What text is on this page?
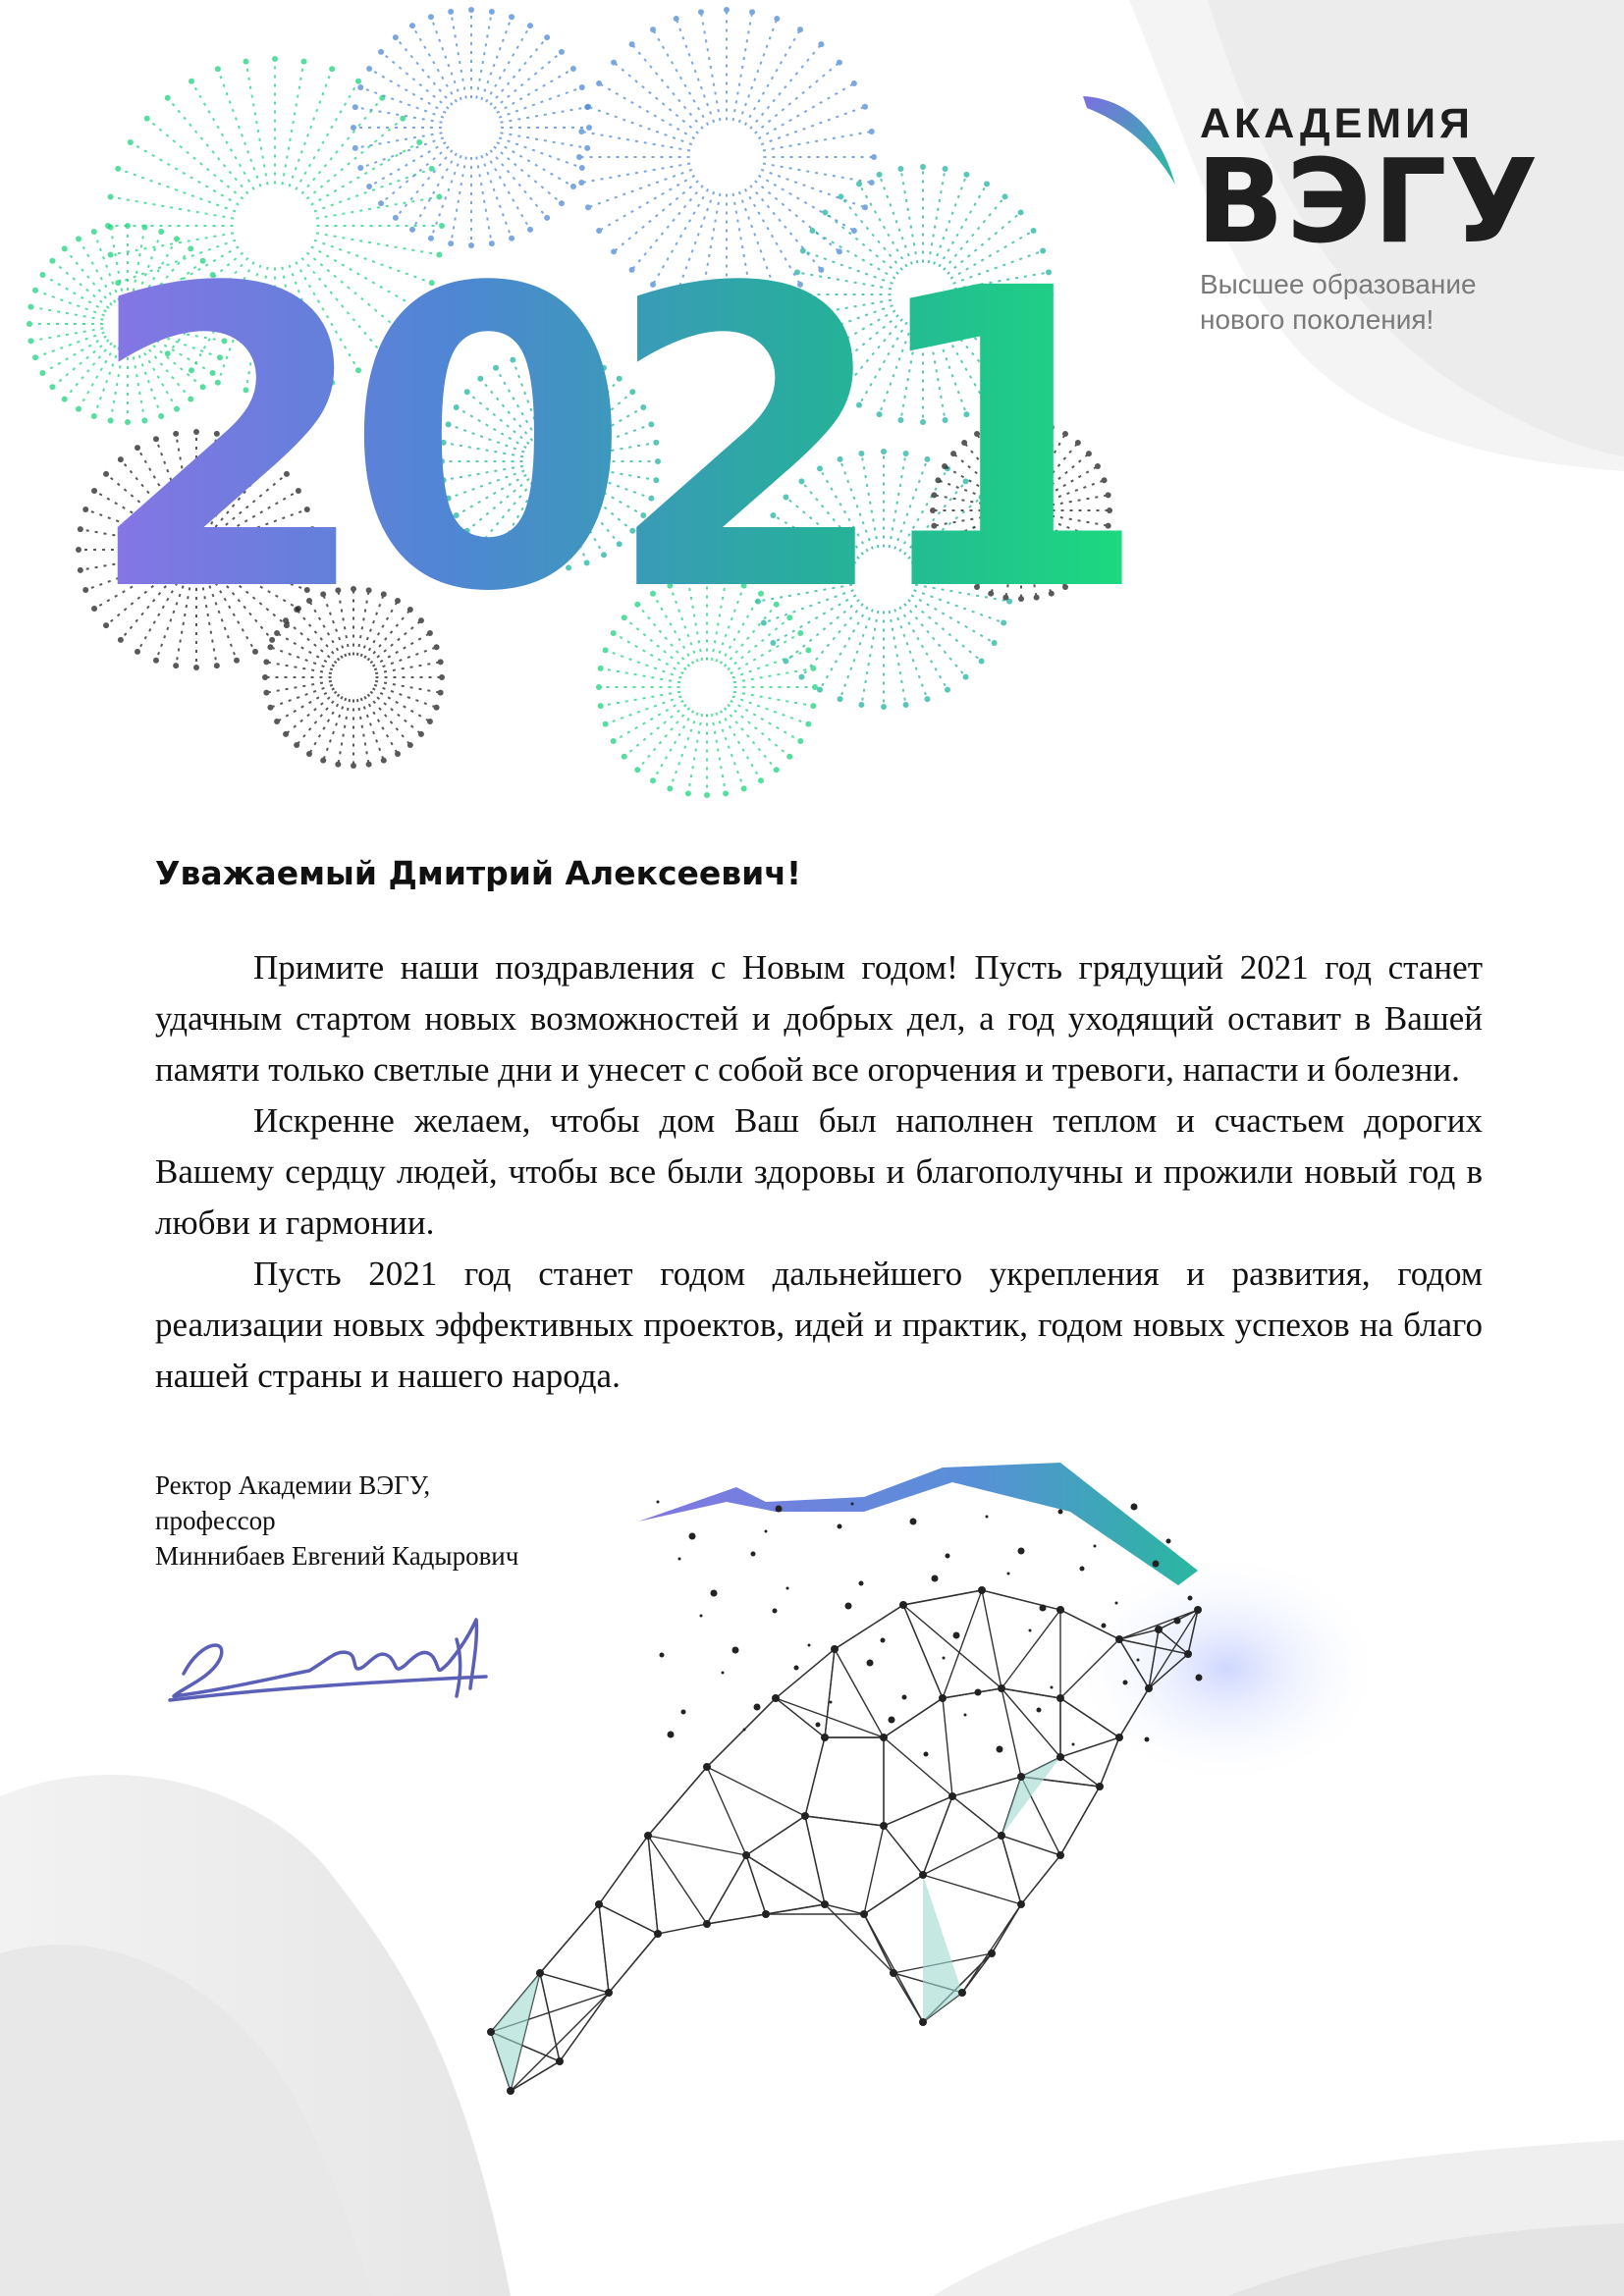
2021
АКАДЕМИЯ
ВЭГУ
Высшее образование
нового поколения!
Уважаемый Дмитрий Алексеевич!

Примите наши поздравления с Новым годом! Пусть грядущий 2021 год станет удачным стартом новых возможностей и добрых дел, а год уходящий оставит в Вашей памяти только светлые дни и унесет с собой все огорчения и тревоги, напасти и болезни.

Искренне желаем, чтобы дом Ваш был наполнен теплом и счастьем дорогих Вашему сердцу людей, чтобы все были здоровы и благополучны и прожили новый год в любви и гармонии.

Пусть 2021 год станет годом дальнейшего укрепления и развития, годом реализации новых эффективных проектов, идей и практик, годом новых успехов на благо нашей страны и нашего народа.

Ректор Академии ВЭГУ,
профессор
Миннибаев Евгений Кадырович
